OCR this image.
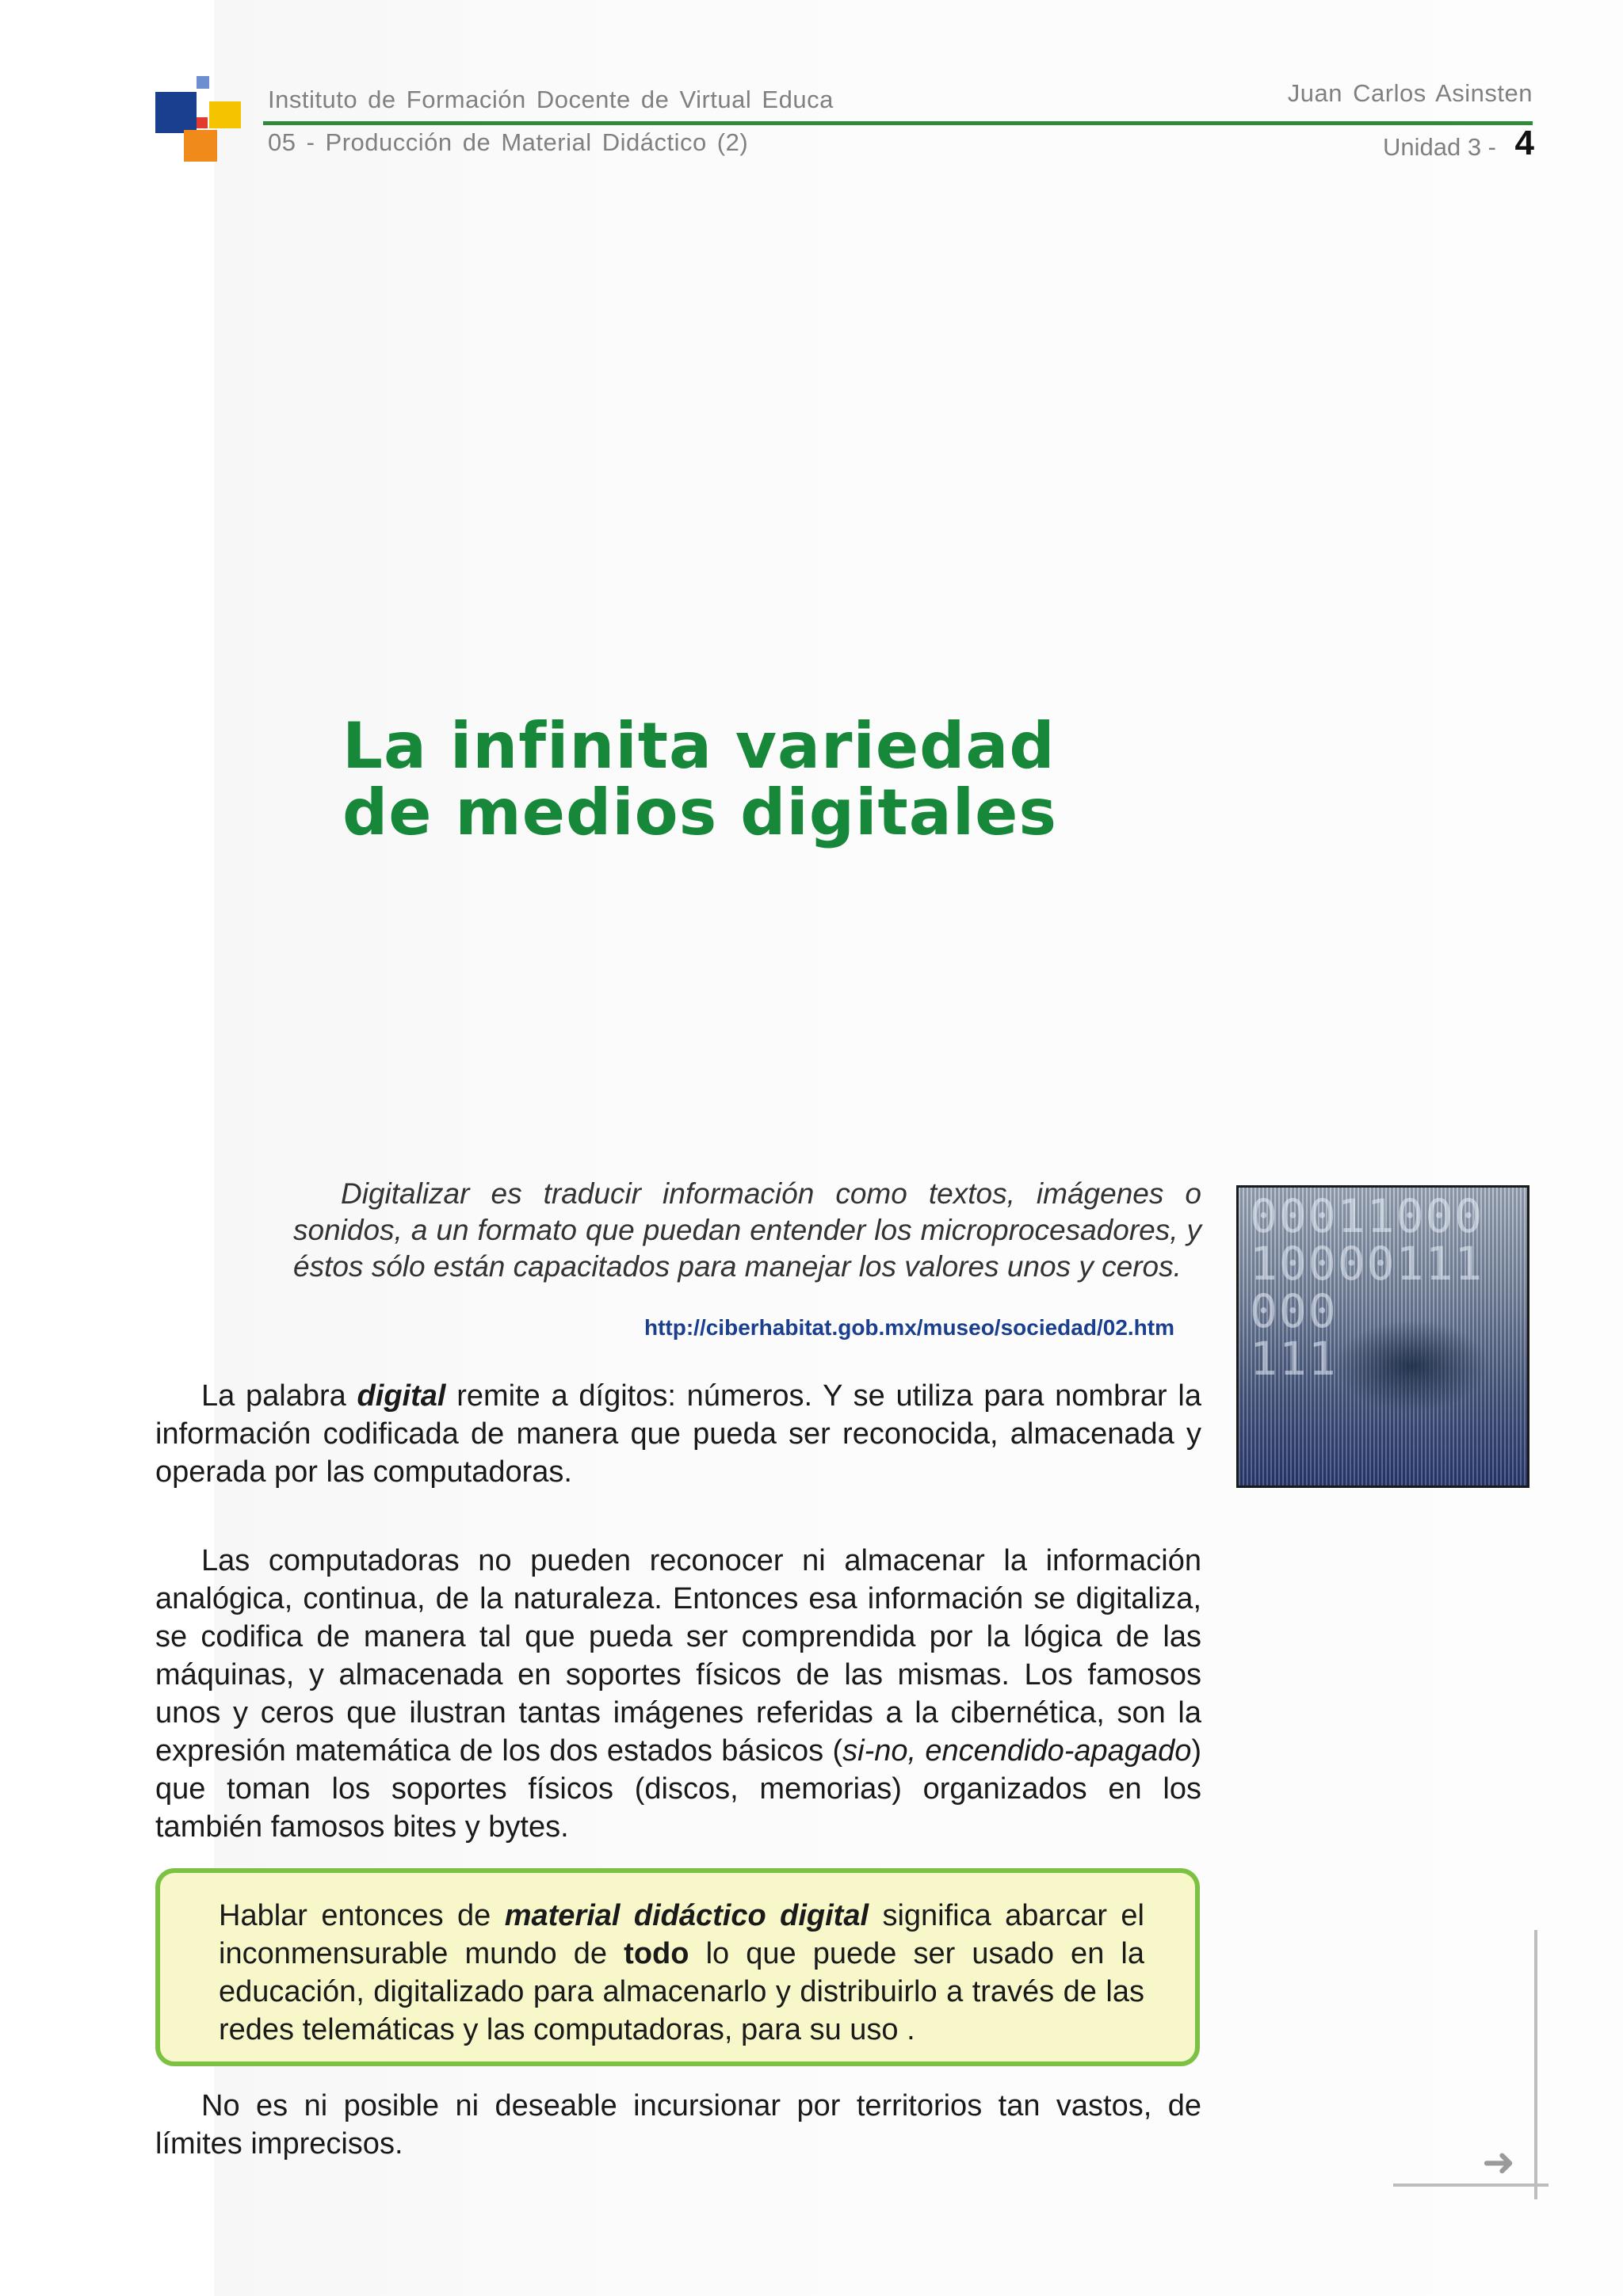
Instituto de Formación Docente de Virtual Educa
05 - Producción de Material Didáctico (2)
Juan Carlos Asinsten
Unidad 3 - 4
La infinita variedad
de medios digitales

Digitalizar es traducir información como textos, imágenes o sonidos, a un formato que puedan entender los microprocesadores, y éstos sólo están capacitados para manejar los valores unos y ceros.

http://ciberhabitat.gob.mx/museo/sociedad/02.htm
00011000
10000111
000
111

La palabra digital remite a dígitos: números. Y se utiliza para nombrar la información codificada de manera que pueda ser reconocida, almacenada y operada por las computadoras.

Las computadoras no pueden reconocer ni almacenar la información analógica, continua, de la naturaleza. Entonces esa información se digitaliza, se codifica de manera tal que pueda ser comprendida por la lógica de las máquinas, y almacenada en soportes físicos de las mismas. Los famosos unos y ceros que ilustran tantas imágenes referidas a la cibernética, son la expresión matemática de los dos estados básicos (si-no, encendido-apagado) que toman los soportes físicos (discos, memorias) organizados en los también famosos bites y bytes.

Hablar entonces de material didáctico digital significa abarcar el inconmensurable mundo de todo lo que puede ser usado en la educación, digitalizado para almacenarlo y distribuirlo a través de las redes telemáticas y las computadoras, para su uso .

No es ni posible ni deseable incursionar por territorios tan vastos, de límites imprecisos.	➜
